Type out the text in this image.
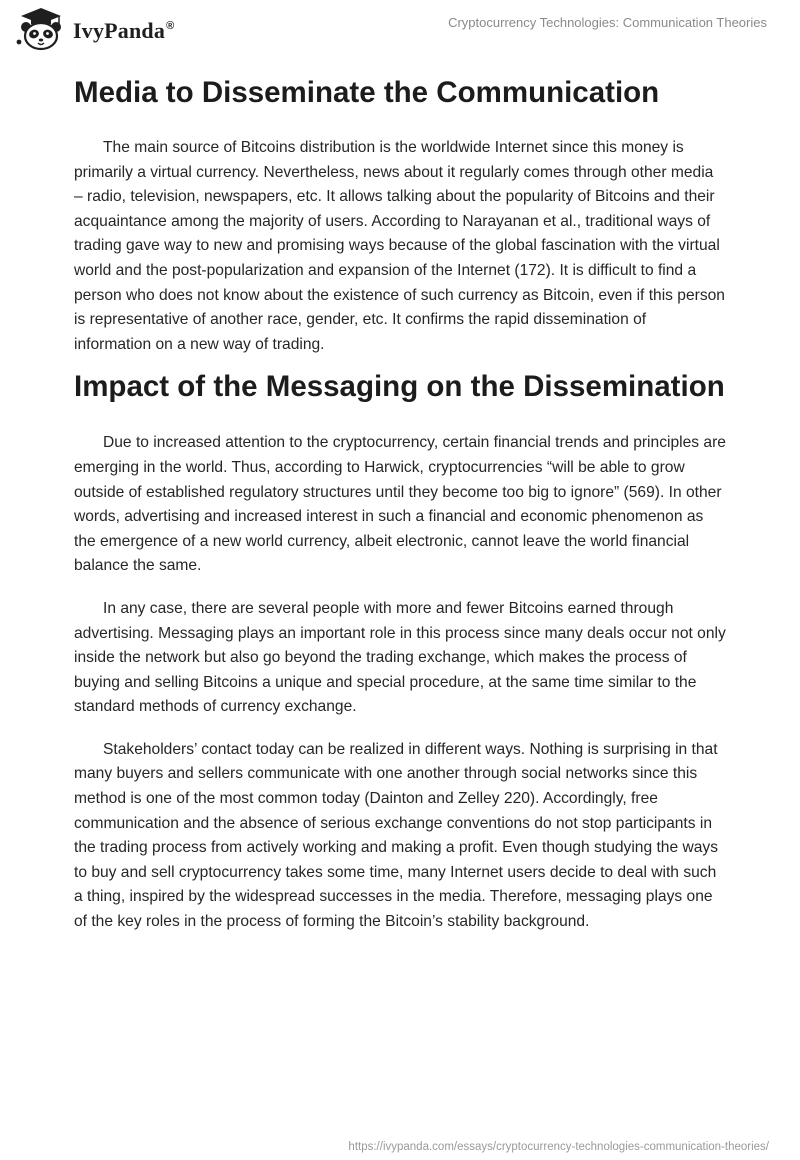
IvyPanda®	Cryptocurrency Technologies: Communication Theories
Media to Disseminate the Communication

The main source of Bitcoins distribution is the worldwide Internet since this money is primarily a virtual currency. Nevertheless, news about it regularly comes through other media – radio, television, newspapers, etc. It allows talking about the popularity of Bitcoins and their acquaintance among the majority of users. According to Narayanan et al., traditional ways of trading gave way to new and promising ways because of the global fascination with the virtual world and the post-popularization and expansion of the Internet (172). It is difficult to find a person who does not know about the existence of such currency as Bitcoin, even if this person is representative of another race, gender, etc. It confirms the rapid dissemination of information on a new way of trading.

Impact of the Messaging on the Dissemination

Due to increased attention to the cryptocurrency, certain financial trends and principles are emerging in the world. Thus, according to Harwick, cryptocurrencies “will be able to grow outside of established regulatory structures until they become too big to ignore” (569). In other words, advertising and increased interest in such a financial and economic phenomenon as the emergence of a new world currency, albeit electronic, cannot leave the world financial balance the same.

In any case, there are several people with more and fewer Bitcoins earned through advertising. Messaging plays an important role in this process since many deals occur not only inside the network but also go beyond the trading exchange, which makes the process of buying and selling Bitcoins a unique and special procedure, at the same time similar to the standard methods of currency exchange.

Stakeholders’ contact today can be realized in different ways. Nothing is surprising in that many buyers and sellers communicate with one another through social networks since this method is one of the most common today (Dainton and Zelley 220). Accordingly, free communication and the absence of serious exchange conventions do not stop participants in the trading process from actively working and making a profit. Even though studying the ways to buy and sell cryptocurrency takes some time, many Internet users decide to deal with such a thing, inspired by the widespread successes in the media. Therefore, messaging plays one of the key roles in the process of forming the Bitcoin’s stability background.

https://ivypanda.com/essays/cryptocurrency-technologies-communication-theories/
